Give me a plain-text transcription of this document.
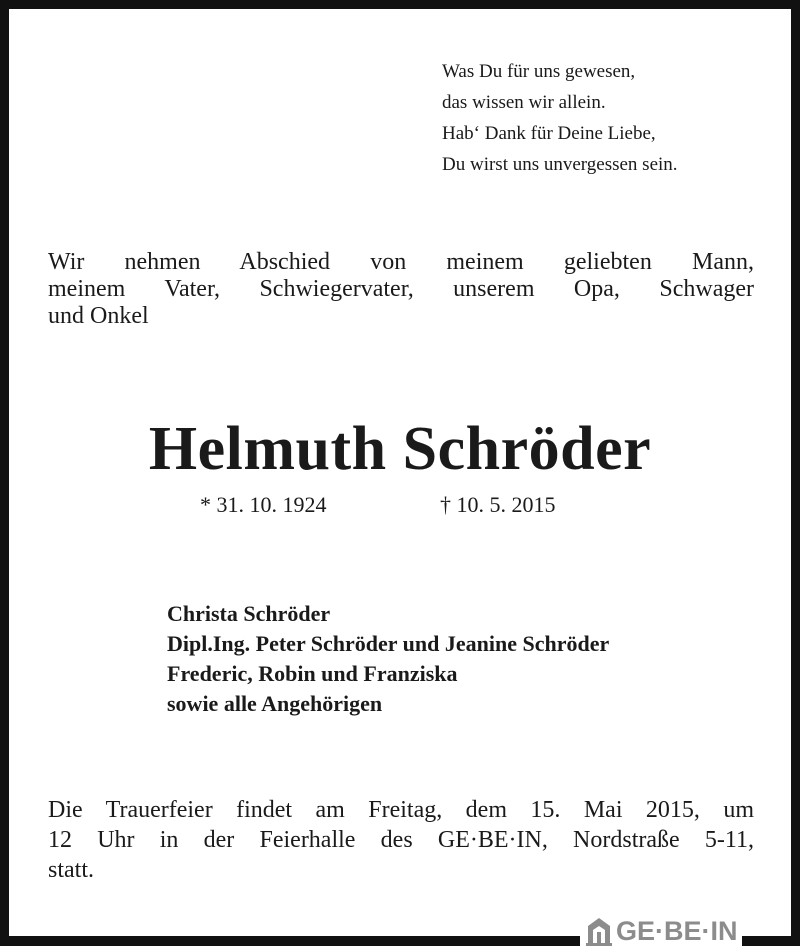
Was Du für uns gewesen,
das wissen wir allein.
Hab‘ Dank für Deine Liebe,
Du wirst uns unvergessen sein.
Wir nehmen Abschied von meinem geliebten Mann,
meinem Vater, Schwiegervater, unserem Opa, Schwager
und Onkel
Helmuth Schröder
* 31. 10. 1924	† 10. 5. 2015
Christa Schröder
Dipl.Ing. Peter Schröder und Jeanine Schröder
Frederic, Robin und Franziska
sowie alle Angehörigen
Die Trauerfeier findet am Freitag, dem 15. Mai 2015, um
12 Uhr in der Feierhalle des GE·BE·IN, Nordstraße 5-11,
statt.
GE·BE·IN
